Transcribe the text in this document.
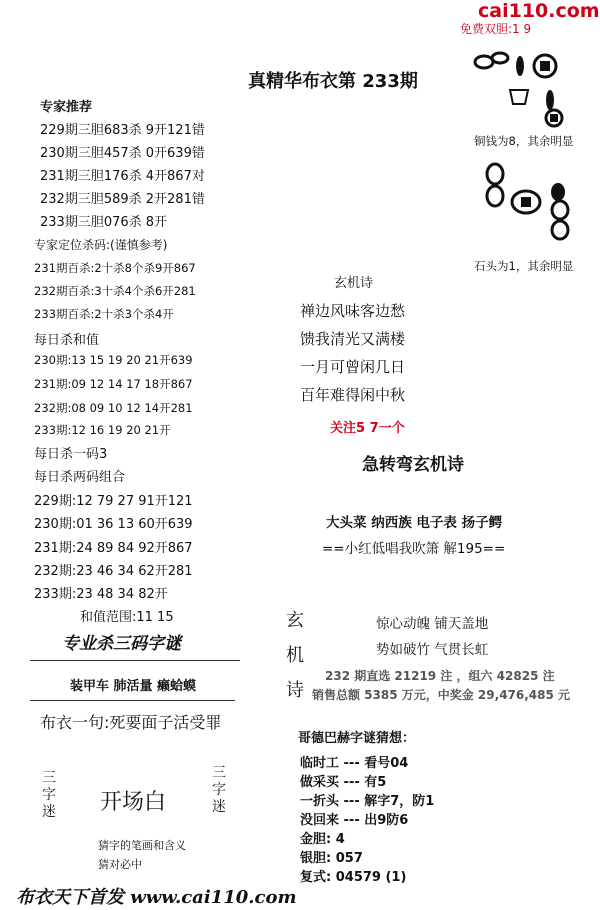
cai110.com
免费双胆:1 9
真精华布衣第 233期
专家推荐
229期三胆683杀 9开121错
230期三胆457杀 0开639错
231期三胆176杀 4开867对
232期三胆589杀 2开281错
233期三胆076杀 8开
专家定位杀码:(谨慎参考)
231期百杀:2十杀8个杀9开867
232期百杀:3十杀4个杀6开281
233期百杀:2十杀3个杀4开
每日杀和值
230期:13 15 19 20 21开639
231期:09 12 14 17 18开867
232期:08 09 10 12 14开281
233期:12 16 19 20 21开
每日杀一码3
每日杀两码组合
229期:12 79 27 91开121
230期:01 36 13 60开639
231期:24 89 84 92开867
232期:23 46 34 62开281
233期:23 48 34 82开
和值范围:11 15
专业杀三码字谜
装甲车 肺活量 癞蛤蟆
布衣一句:死要面子活受罪
三字迷 开场白
三字迷
猜字的笔画和含义
猜对必中
布衣天下首发 www.cai110.com
铜钱为8，其余明显
石头为1，其余明显
玄机诗
禅边风味客边愁
馈我清光又满楼
一月可曾闲几日
百年难得闲中秋
关注5 7一个
急转弯玄机诗
大头菜 纳西族 电子表 扬子鳄
==小红低唱我吹箫 解195==
玄
机
诗
惊心动魄 铺天盖地
势如破竹 气贯长虹
232 期直选 21219 注 ，组六 42825 注
销售总额 5385 万元，中奖金 29,476,485 元
哥德巴赫字谜猜想：
临时工 --- 看号04
做采买 --- 有5
一折头 --- 解字7，防1
没回来 --- 出9防6
金胆: 4
银胆: 057
复式: 04579 (1)
